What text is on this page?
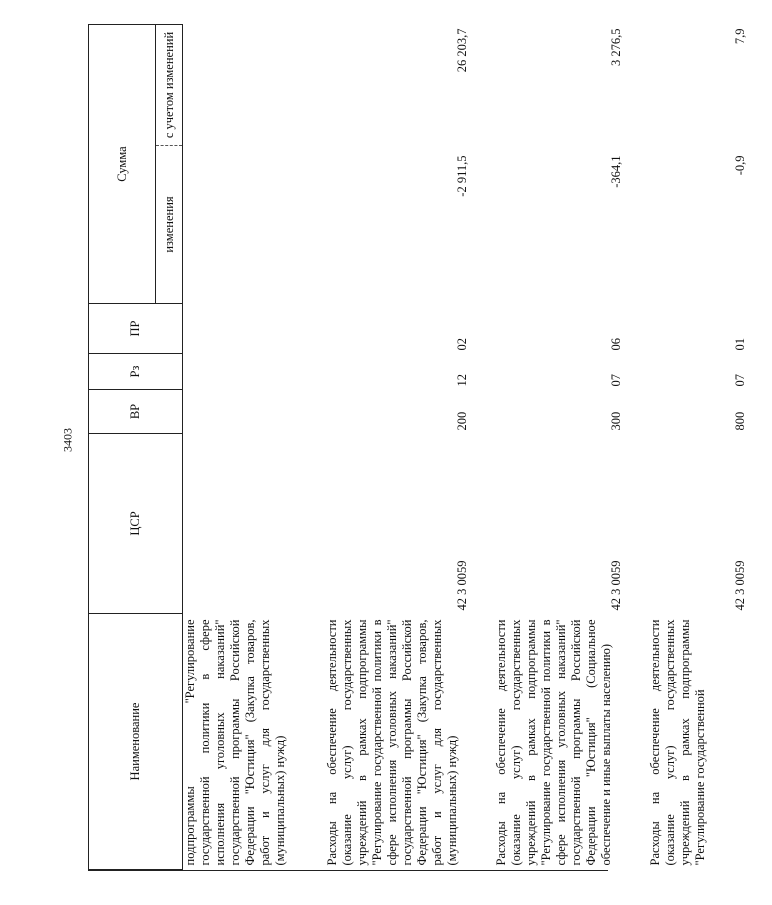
3403
Наименование	ЦСР	ВР	Рз	ПР	Сумма	
					изменения	с учетом изменений
подпрограммы "Регулирование государственной политики в сфере исполнения уголовных наказаний" государственной программы Российской Федерации "Юстиция" (Закупка товаров, работ и услуг для государственных (муниципальных) нужд)						
Расходы на обеспечение деятельности (оказание услуг) государственных учреждений в рамках подпрограммы "Регулирование государственной политики в сфере исполнения уголовных наказаний" государственной программы Российской Федерации "Юстиция" (Закупка товаров, работ и услуг для государственных (муниципальных) нужд)	42 3 0059	200	12	02	-2 911,5	26 203,7
Расходы на обеспечение деятельности (оказание услуг) государственных учреждений в рамках подпрограммы "Регулирование государственной политики в сфере исполнения уголовных наказаний" государственной программы Российской Федерации "Юстиция" (Социальное обеспечение и иные выплаты населению)	42 3 0059	300	07	06	-364,1	3 276,5
Расходы на обеспечение деятельности (оказание услуг) государственных учреждений в рамках подпрограммы "Регулирование государственной	42 3 0059	800	07	01	-0,9	7,9
